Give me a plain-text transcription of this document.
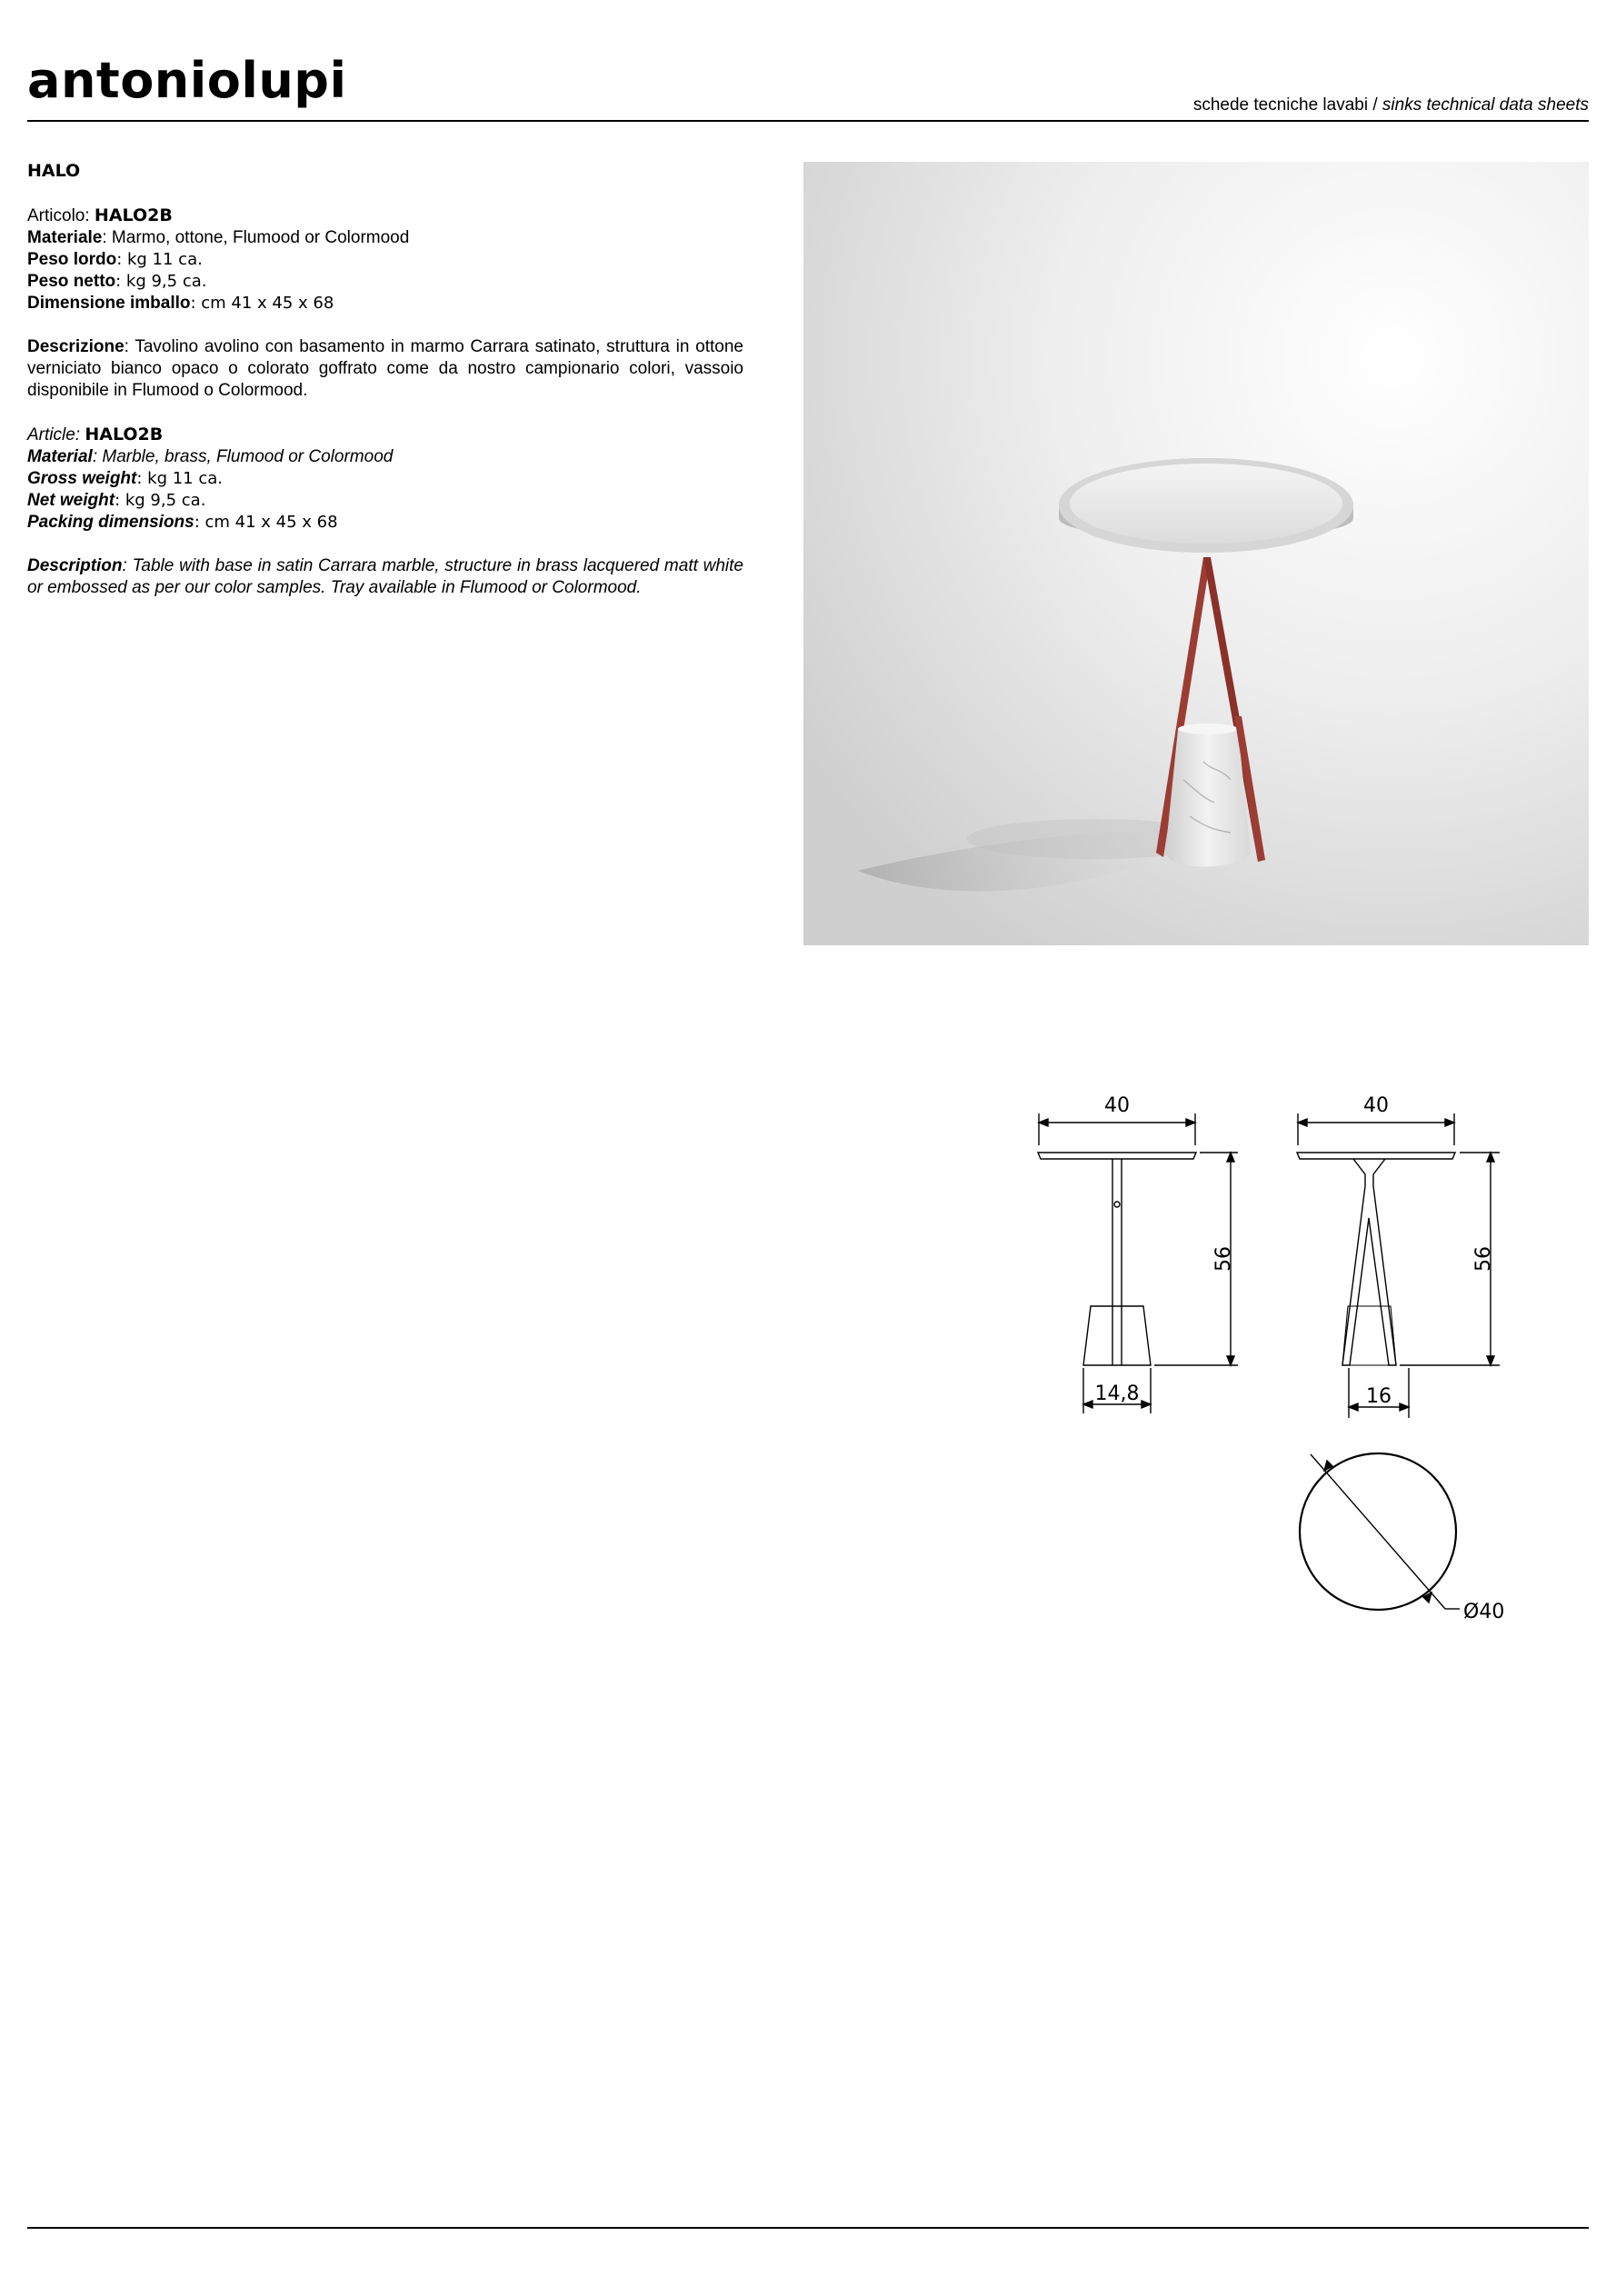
antoniolupi	schede tecniche lavabi / sinks technical data sheets
HALO

Articolo: HALO2B

Materiale: Marmo, ottone, Flumood or Colormood

Peso lordo: kg 11 ca.

Peso netto: kg 9,5 ca.

Dimensione imballo: cm 41 x 45 x 68

Descrizione: Tavolino avolino con basamento in marmo Carrara satinato, struttura in ottone verniciato bianco opaco o colorato goffrato come da nostro campionario colori, vassoio disponibile in Flumood o Colormood.

Article: HALO2B

Material: Marble, brass, Flumood or Colormood

Gross weight: kg 11 ca.

Net weight: kg 9,5 ca.

Packing dimensions: cm 41 x 45 x 68

Description: Table with base in satin Carrara marble, structure in brass lacquered matt white or embossed as per our color samples. Tray available in Flumood or Colormood.

40
14,8
56
40
16
56
Ø40
